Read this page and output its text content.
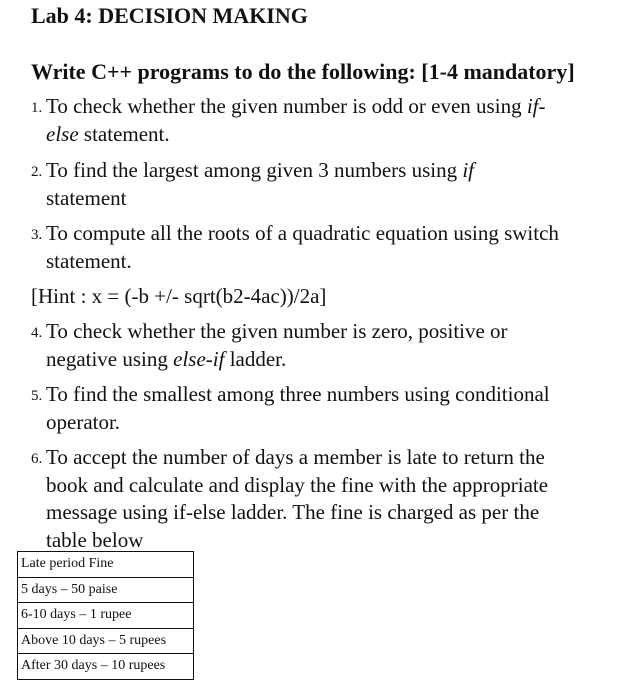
Lab 4: DECISION MAKING
Write C++ programs to do the following: [1-4 mandatory]
1. To check whether the given number is odd or even using if-
else statement.
2. To find the largest among given 3 numbers using if
statement
3. To compute all the roots of a quadratic equation using switch
statement.
[Hint : x = (-b +/- sqrt(b2-4ac))/2a]
4. To check whether the given number is zero, positive or
negative using else-if ladder.
5. To find the smallest among three numbers using conditional
operator.
6. To accept the number of days a member is late to return the
book and calculate and display the fine with the appropriate
message using if-else ladder. The fine is charged as per the
table below
Late period Fine
5 days – 50 paise
6-10 days – 1 rupee
Above 10 days – 5 rupees
After 30 days – 10 rupees
